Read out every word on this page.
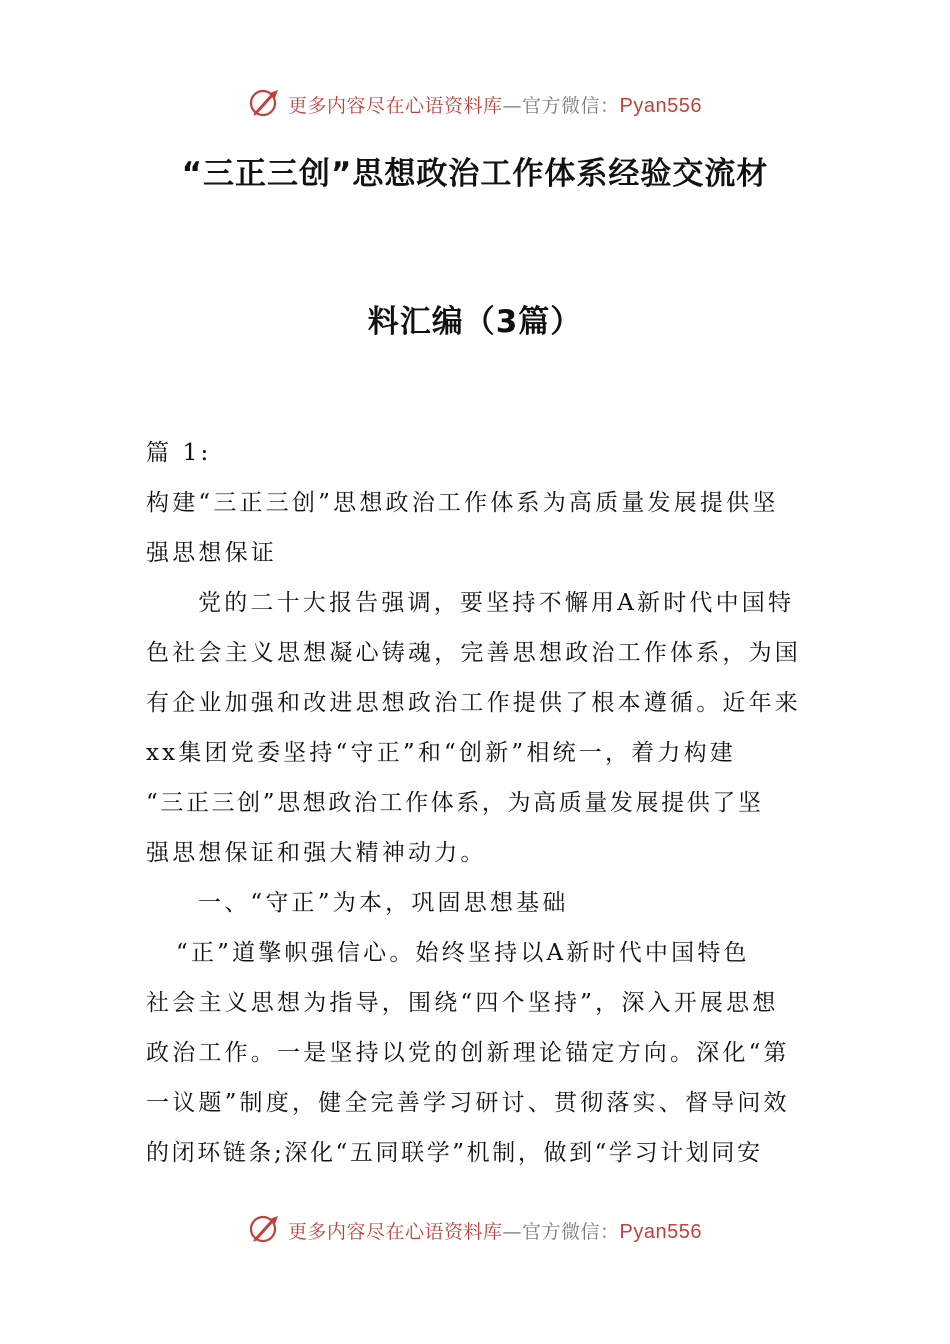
更多内容尽在心语资料库—官方微信：Pyan556
“三正三创”思想政治工作体系经验交流材
料汇编（3篇）
篇 1:
构建“三正三创”思想政治工作体系为高质量发展提供坚
强思想保证
党的二十大报告强调，要坚持不懈用A新时代中国特
色社会主义思想凝心铸魂，完善思想政治工作体系，为国
有企业加强和改进思想政治工作提供了根本遵循。近年来
xx集团党委坚持“守正”和“创新”相统一，着力构建
“三正三创”思想政治工作体系，为高质量发展提供了坚
强思想保证和强大精神动力。
一、“守正”为本，巩固思想基础
“正”道擎帜强信心。始终坚持以A新时代中国特色
社会主义思想为指导，围绕“四个坚持”，深入开展思想
政治工作。一是坚持以党的创新理论锚定方向。深化“第
一议题”制度，健全完善学习研讨、贯彻落实、督导问效
的闭环链条;深化“五同联学”机制，做到“学习计划同安
更多内容尽在心语资料库—官方微信：Pyan556
